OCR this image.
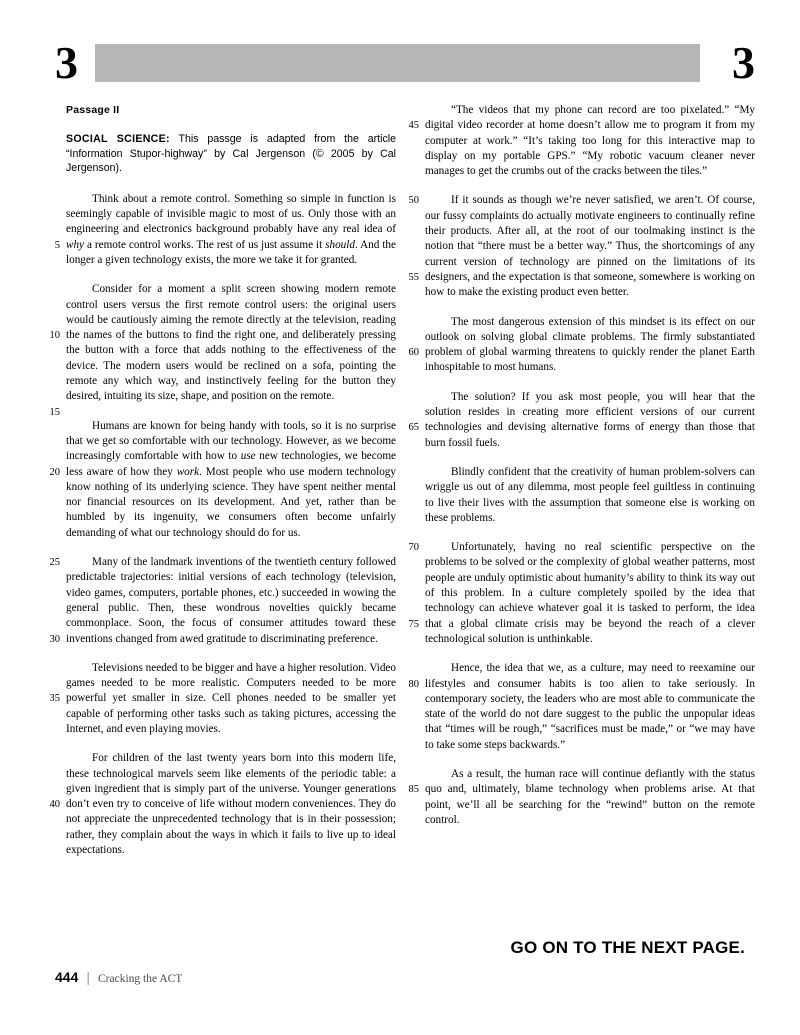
3	3
Passage II
SOCIAL SCIENCE: This passge is adapted from the article “Information Stupor-highway” by Cal Jergenson (© 2005 by Cal Jergenson).
5

Think about a remote control. Something so simple in function is seemingly capable of invisible magic to most of us. Only those with an engineering and electronics background probably have any real idea of why a remote control works. The rest of us just assume it should. And the longer a given technology exists, the more we take it for granted.

10
15

Consider for a moment a split screen showing modern remote control users versus the first remote control users: the original users would be cautiously aiming the remote directly at the television, reading the names of the buttons to find the right one, and deliberately pressing the button with a force that adds nothing to the effectiveness of the device. The modern users would be reclined on a sofa, pointing the remote any which way, and instinctively feeling for the button they desired, intuiting its size, shape, and position on the remote.

20

Humans are known for being handy with tools, so it is no surprise that we get so comfortable with our technology. However, as we become increasingly comfortable with how to use new technologies, we become less aware of how they work. Most people who use modern technology know nothing of its underlying science. They have spent neither mental nor financial resources on its development. And yet, rather than be humbled by its ingenuity, we consumers often become unfairly demanding of what our technology should do for us.

25
30

Many of the landmark inventions of the twentieth century followed predictable trajectories: initial versions of each technology (television, video games, computers, portable phones, etc.) succeeded in wowing the general public. Then, these wondrous novelties quickly became commonplace. Soon, the focus of consumer attitudes toward these inventions changed from awed gratitude to discriminating preference.

35

Televisions needed to be bigger and have a higher resolution. Video games needed to be more realistic. Computers needed to be more powerful yet smaller in size. Cell phones needed to be smaller yet capable of performing other tasks such as taking pictures, accessing the Internet, and even playing movies.

40

For children of the last twenty years born into this modern life, these technological marvels seem like elements of the periodic table: a given ingredient that is simply part of the universe. Younger generations don’t even try to conceive of life without modern conveniences. They do not appreciate the unprecedented technology that is in their possession; rather, they complain about the ways in which it fails to live up to ideal expectations.

45

“The videos that my phone can record are too pixelated.” “My digital video recorder at home doesn’t allow me to program it from my computer at work.” “It’s taking too long for this interactive map to display on my portable GPS.” “My robotic vacuum cleaner never manages to get the crumbs out of the cracks between the tiles.”

50
55

If it sounds as though we’re never satisfied, we aren’t. Of course, our fussy complaints do actually motivate engineers to continually refine their products. After all, at the root of our toolmaking instinct is the notion that “there must be a better way.” Thus, the shortcomings of any current version of technology are pinned on the limitations of its designers, and the expectation is that someone, somewhere is working on how to make the existing product even better.

60

The most dangerous extension of this mindset is its effect on our outlook on solving global climate problems. The firmly substantiated problem of global warming threatens to quickly render the planet Earth inhospitable to most humans.

65

The solution? If you ask most people, you will hear that the solution resides in creating more efficient versions of our current technologies and devising alternative forms of energy than those that burn fossil fuels.

Blindly confident that the creativity of human problem-solvers can wriggle us out of any dilemma, most people feel guiltless in continuing to live their lives with the assumption that someone else is working on these problems.

70
75

Unfortunately, having no real scientific perspective on the problems to be solved or the complexity of global weather patterns, most people are unduly optimistic about humanity’s ability to think its way out of this problem. In a culture completely spoiled by the idea that technology can achieve whatever goal it is tasked to perform, the idea that a global climate crisis may be beyond the reach of a clever technological solution is unthinkable.

80

Hence, the idea that we, as a culture, may need to reexamine our lifestyles and consumer habits is too alien to take seriously. In contemporary society, the leaders who are most able to communicate the state of the world do not dare suggest to the public the unpopular ideas that “times will be rough,” “sacrifices must be made,” or “we may have to take some steps backwards.”

85

As a result, the human race will continue defiantly with the status quo and, ultimately, blame technology when problems arise. At that point, we’ll all be searching for the “rewind” button on the remote control.

GO ON TO THE NEXT PAGE.
444 | Cracking the ACT
